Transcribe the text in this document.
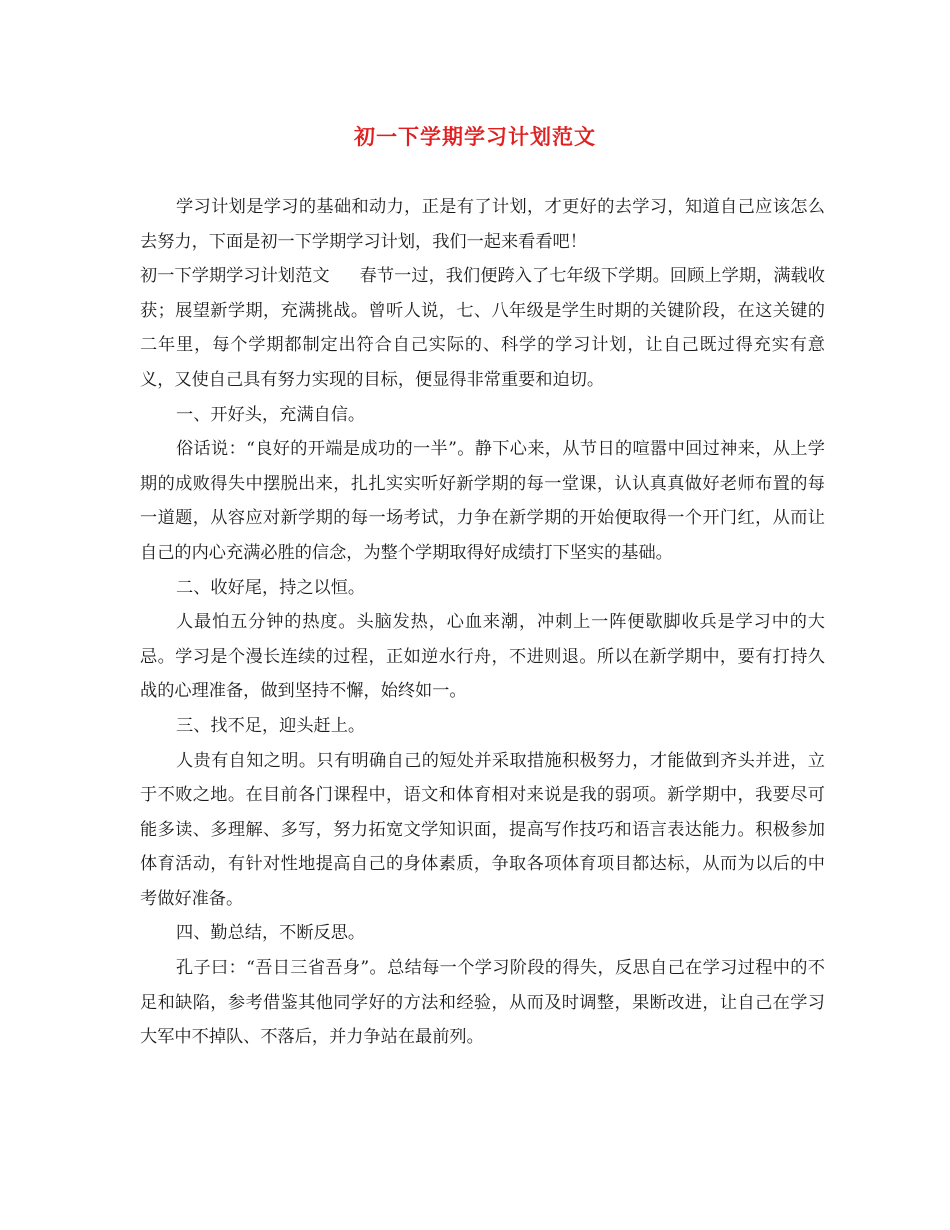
初一下学期学习计划范文

学习计划是学习的基础和动力，正是有了计划，才更好的去学习，知道自己应该怎么去努力，下面是初一下学期学习计划，我们一起来看看吧！

初一下学期学习计划范文 春节一过，我们便跨入了七年级下学期。回顾上学期，满载收获；展望新学期，充满挑战。曾听人说，七、八年级是学生时期的关键阶段，在这关键的二年里，每个学期都制定出符合自己实际的、科学的学习计划，让自己既过得充实有意义，又使自己具有努力实现的目标，便显得非常重要和迫切。

一、开好头，充满自信。

俗话说：“良好的开端是成功的一半”。静下心来，从节日的喧嚣中回过神来，从上学期的成败得失中摆脱出来，扎扎实实听好新学期的每一堂课，认认真真做好老师布置的每一道题，从容应对新学期的每一场考试，力争在新学期的开始便取得一个开门红，从而让自己的内心充满必胜的信念，为整个学期取得好成绩打下坚实的基础。

二、收好尾，持之以恒。

人最怕五分钟的热度。头脑发热，心血来潮，冲刺上一阵便歇脚收兵是学习中的大忌。学习是个漫长连续的过程，正如逆水行舟，不进则退。所以在新学期中，要有打持久战的心理准备，做到坚持不懈，始终如一。

三、找不足，迎头赶上。

人贵有自知之明。只有明确自己的短处并采取措施积极努力，才能做到齐头并进，立于不败之地。在目前各门课程中，语文和体育相对来说是我的弱项。新学期中，我要尽可能多读、多理解、多写，努力拓宽文学知识面，提高写作技巧和语言表达能力。积极参加体育活动，有针对性地提高自己的身体素质，争取各项体育项目都达标，从而为以后的中考做好准备。

四、勤总结，不断反思。

孔子曰：“吾日三省吾身”。总结每一个学习阶段的得失，反思自己在学习过程中的不足和缺陷，参考借鉴其他同学好的方法和经验，从而及时调整，果断改进，让自己在学习大军中不掉队、不落后，并力争站在最前列。
